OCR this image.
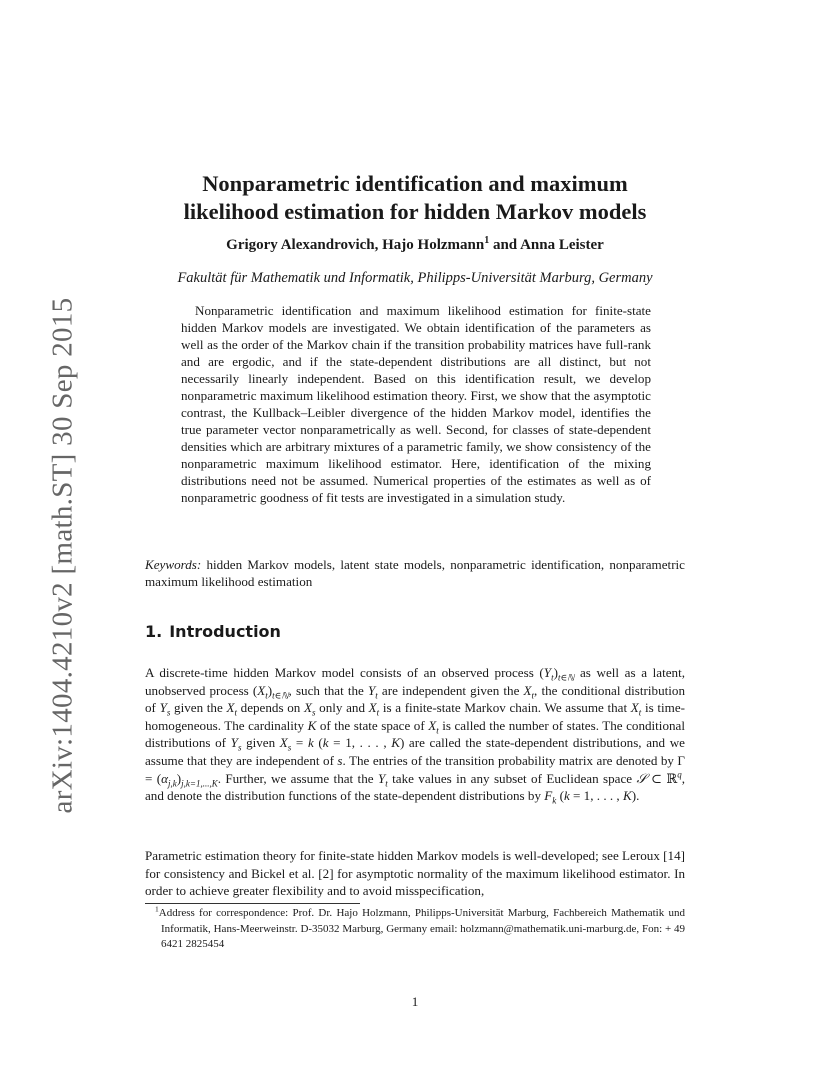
arXiv:1404.4210v2 [math.ST] 30 Sep 2015
Nonparametric identification and maximum
likelihood estimation for hidden Markov models
Grigory Alexandrovich, Hajo Holzmann$^1$ and Anna Leister
Fakultät für Mathematik und Informatik, Philipps-Universität Marburg, Germany

Nonparametric identification and maximum likelihood estimation for finite-state hidden Markov models are investigated. We obtain identification of the parameters as well as the order of the Markov chain if the transition probability matrices have full-rank and are ergodic, and if the state-dependent distributions are all distinct, but not necessarily linearly independent. Based on this identification result, we develop nonparametric maximum likelihood estimation theory. First, we show that the asymptotic contrast, the Kullback–Leibler divergence of the hidden Markov model, identifies the true parameter vector nonparametrically as well. Second, for classes of state-dependent densities which are arbitrary mixtures of a parametric family, we show consistency of the nonparametric maximum likelihood estimator. Here, identification of the mixing distributions need not be assumed. Numerical properties of the estimates as well as of nonparametric goodness of fit tests are investigated in a simulation study.

Keywords: hidden Markov models, latent state models, nonparametric identification, nonparametric maximum likelihood estimation

1. Introduction

A discrete-time hidden Markov model consists of an observed process $(Y_t)_{t\in ℕ}$ as well as a latent, unobserved process $(X_t)_{t\in ℕ}$, such that the $Y_t$ are independent given the $X_t$, the conditional distribution of $Y_s$ given the $X_t$ depends on $X_s$ only and $X_t$ is a finite-state Markov chain. We assume that $X_t$ is time-homogeneous. The cardinality K of the state space of $X_t$ is called the number of states. The conditional distributions of $Y_s$ given $X_s = k$ (k = 1, . . . , K) are called the state-dependent distributions, and we assume that they are independent of s. The entries of the transition probability matrix are denoted by $\Gamma = (\alpha_{j,k})_{j,k=1,...,K}$. Further, we assume that the $Y_t$ take values in any subset of Euclidean space 𝒮 ⊂ ℝ$^q$, and denote the distribution functions of the state-dependent distributions by $F_k$ (k = 1, . . . , K).

Parametric estimation theory for finite-state hidden Markov models is well-developed; see Leroux [14] for consistency and Bickel et al. [2] for asymptotic normality of the maximum likelihood estimator. In order to achieve greater flexibility and to avoid misspecification,

$^1$Address for correspondence: Prof. Dr. Hajo Holzmann, Philipps-Universität Marburg, Fachbereich Mathematik und Informatik, Hans-Meerweinstr. D-35032 Marburg, Germany email: holzmann@mathematik.uni-marburg.de, Fon: + 49 6421 2825454

1
